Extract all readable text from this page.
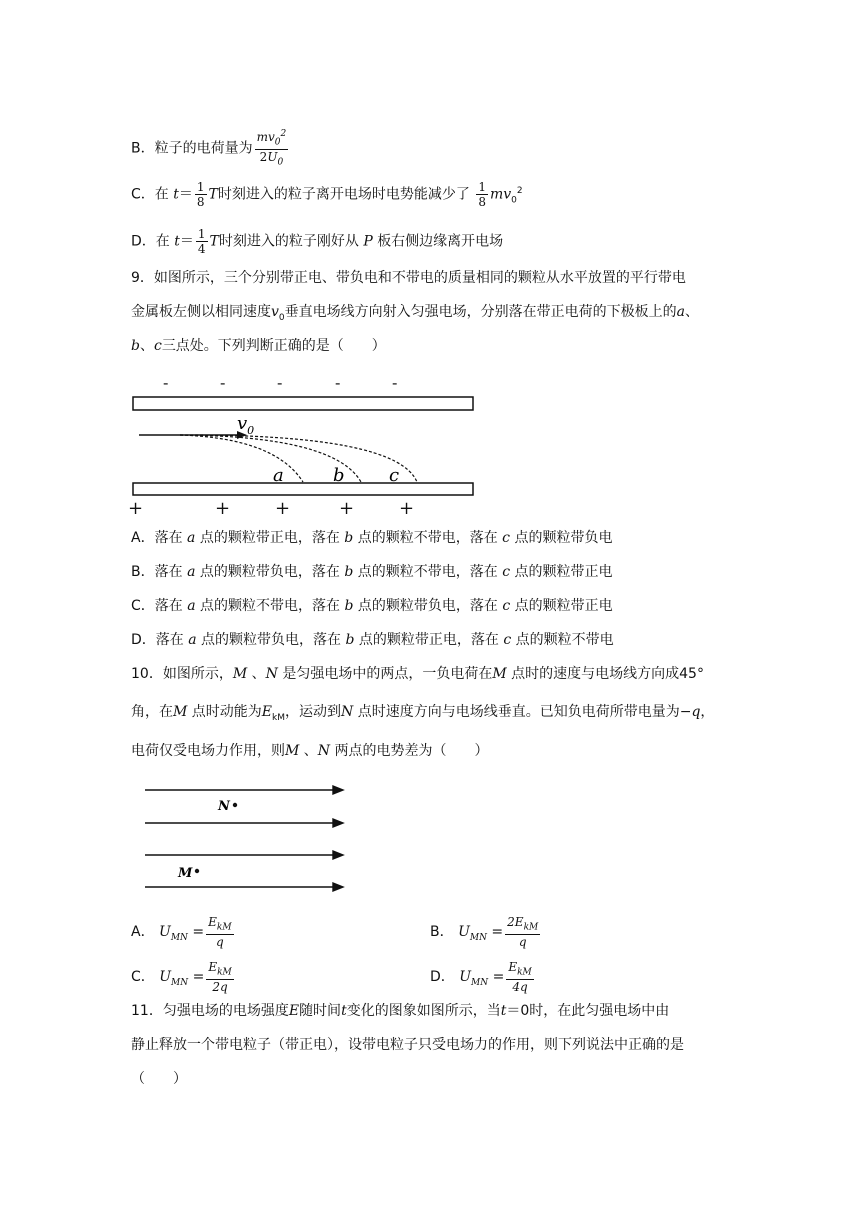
B．粒子的电荷量为 $\frac{mv_0^2}{2U_0}$
C．在 $t= \frac{1}{8}$ T时刻进入的粒子离开电场时电势能减少了 $\frac{1}{8} mv_0^2$
D．在 $t= \frac{1}{4}$ T时刻进入的粒子刚好从 P 板右侧边缘离开电场
9．如图所示，三个分别带正电、带负电和不带电的质量相同的颗粒从水平放置的平行带电
金属板左侧以相同速度$v_0$垂直电场线方向射入匀强电场，分别落在带正电荷的下极板上的a、
b、c三点处。下列判断正确的是（　　）
-	-	-	-	-
$v_0$
a	b c
+	+ +	+ +
A．落在 a 点的颗粒带正电，落在 b 点的颗粒不带电，落在 c 点的颗粒带负电
B．落在 a 点的颗粒带负电，落在 b 点的颗粒不带电，落在 c 点的颗粒带正电
C．落在 a 点的颗粒不带电，落在 b 点的颗粒带负电，落在 c 点的颗粒带正电
D．落在 a 点的颗粒带负电，落在 b 点的颗粒带正电，落在 c 点的颗粒不带电
10．如图所示，M 、N 是匀强电场中的两点，一负电荷在M 点时的速度与电场线方向成45°
角，在M 点时动能为$E_{kM}$，运动到N 点时速度方向与电场线垂直。已知负电荷所带电量为−q，
电荷仅受电场力作用，则M 、N 两点的电势差为（　　）
N
M
A． $U_{MN} = \frac{E_{kM}}{q}$	B． $U_{MN} = \frac{2E_{kM}}{q}$
C． $U_{MN} = \frac{E_{kM}}{2q}$	D． $U_{MN} = \frac{E_{kM}}{4q}$
11．匀强电场的电场强度E随时间t变化的图象如图所示，当t＝0时，在此匀强电场中由
静止释放一个带电粒子（带正电），设带电粒子只受电场力的作用，则下列说法中正确的是
（　　）
